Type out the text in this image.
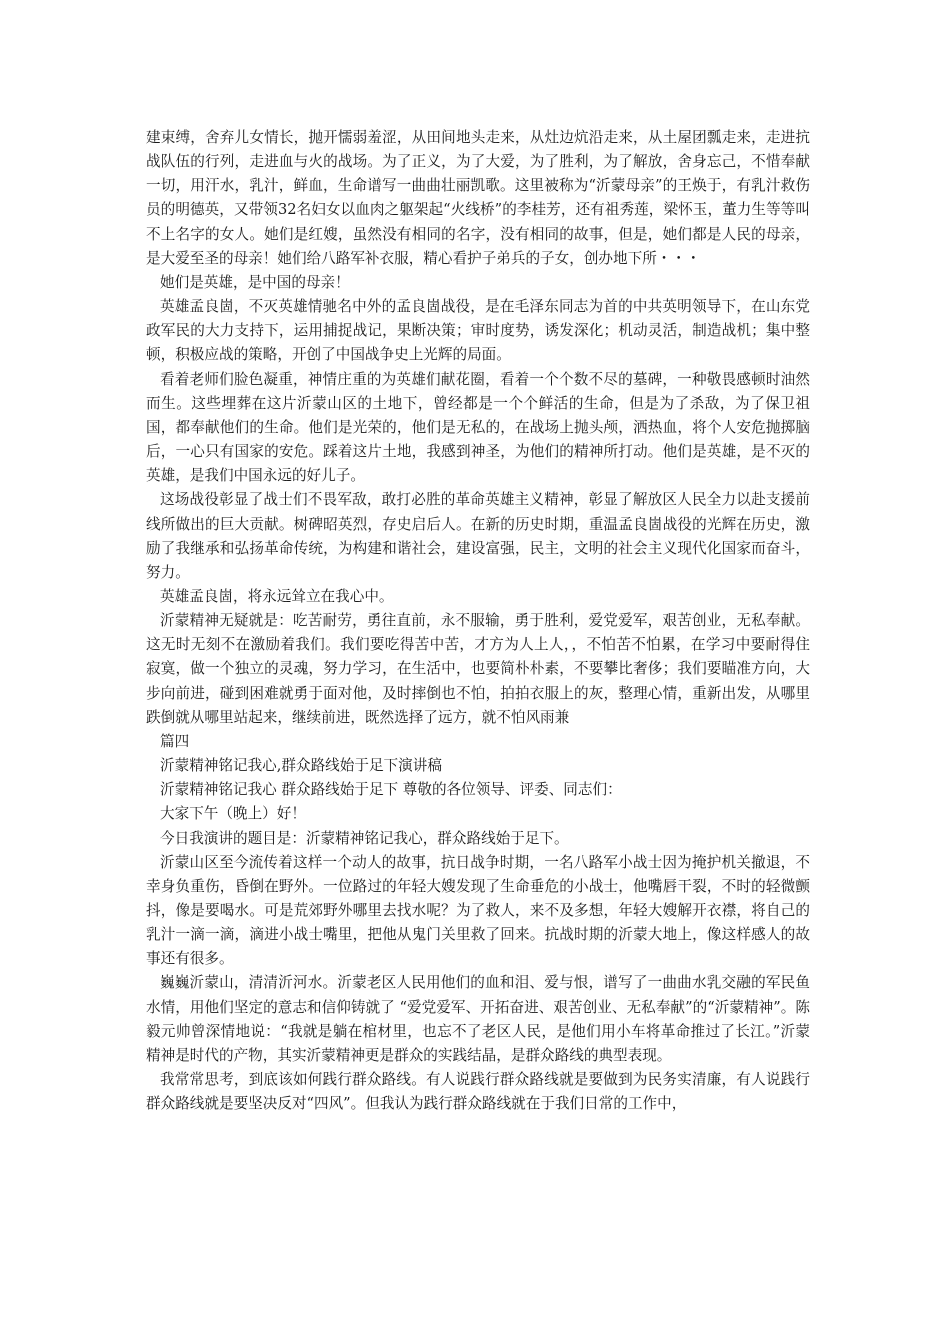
建束缚，舍弃儿女情长，抛开懦弱羞涩，从田间地头走来，从灶边炕沿走来，从土屋团瓢走来，走进抗战队伍的行列，走进血与火的战场。为了正义，为了大爱，为了胜利，为了解放，舍身忘己，不惜奉献一切，用汗水，乳汁，鲜血，生命谱写一曲曲壮丽凯歌。这里被称为“沂蒙母亲”的王焕于，有乳汁救伤员的明德英，又带领32名妇女以血肉之躯架起“火线桥”的李桂芳，还有祖秀莲，梁怀玉，董力生等等叫不上名字的女人。她们是红嫂，虽然没有相同的名字，没有相同的故事，但是，她们都是人民的母亲，是大爱至圣的母亲！她们给八路军补衣服，精心看护子弟兵的子女，创办地下所・・・

她们是英雄，是中国的母亲！

英雄孟良崮，不灭英雄情驰名中外的孟良崮战役，是在毛泽东同志为首的中共英明领导下，在山东党政军民的大力支持下，运用捕捉战记，果断决策；审时度势，诱发深化；机动灵活，制造战机；集中整顿，积极应战的策略，开创了中国战争史上光辉的局面。

看着老师们脸色凝重，神情庄重的为英雄们献花圈，看着一个个数不尽的墓碑，一种敬畏感顿时油然而生。这些埋葬在这片沂蒙山区的土地下，曾经都是一个个鲜活的生命，但是为了杀敌，为了保卫祖国，都奉献他们的生命。他们是光荣的，他们是无私的，在战场上抛头颅，洒热血，将个人安危抛掷脑后，一心只有国家的安危。踩着这片土地，我感到神圣，为他们的精神所打动。他们是英雄，是不灭的英雄，是我们中国永远的好儿子。

这场战役彰显了战士们不畏军敌，敢打必胜的革命英雄主义精神，彰显了解放区人民全力以赴支援前线所做出的巨大贡献。树碑昭英烈，存史启后人。在新的历史时期，重温孟良崮战役的光辉在历史，激励了我继承和弘扬革命传统，为构建和谐社会，建设富强，民主，文明的社会主义现代化国家而奋斗，努力。

英雄孟良崮，将永远耸立在我心中。

沂蒙精神无疑就是：吃苦耐劳，勇往直前，永不服输，勇于胜利，爱党爱军，艰苦创业，无私奉献。这无时无刻不在激励着我们。我们要吃得苦中苦，才方为人上人，，不怕苦不怕累，在学习中要耐得住寂寞，做一个独立的灵魂，努力学习，在生活中，也要简朴朴素，不要攀比奢侈；我们要瞄准方向，大步向前进，碰到困难就勇于面对他，及时摔倒也不怕，拍拍衣服上的灰，整理心情，重新出发，从哪里跌倒就从哪里站起来，继续前进，既然选择了远方，就不怕风雨兼

篇四

沂蒙精神铭记我心,群众路线始于足下演讲稿

沂蒙精神铭记我心 群众路线始于足下 尊敬的各位领导、评委、同志们：

大家下午（晚上）好！

今日我演讲的题目是：沂蒙精神铭记我心，群众路线始于足下。

沂蒙山区至今流传着这样一个动人的故事，抗日战争时期，一名八路军小战士因为掩护机关撤退，不幸身负重伤，昏倒在野外。一位路过的年轻大嫂发现了生命垂危的小战士，他嘴唇干裂，不时的轻微颤抖，像是要喝水。可是荒郊野外哪里去找水呢？为了救人，来不及多想，年轻大嫂解开衣襟，将自己的乳汁一滴一滴，滴进小战士嘴里，把他从鬼门关里救了回来。抗战时期的沂蒙大地上，像这样感人的故事还有很多。

巍巍沂蒙山，清清沂河水。沂蒙老区人民用他们的血和泪、爱与恨，谱写了一曲曲水乳交融的军民鱼水情，用他们坚定的意志和信仰铸就了 “爱党爱军、开拓奋进、艰苦创业、无私奉献”的“沂蒙精神”。陈毅元帅曾深情地说：“我就是躺在棺材里，也忘不了老区人民，是他们用小车将革命推过了长江。”沂蒙精神是时代的产物，其实沂蒙精神更是群众的实践结晶，是群众路线的典型表现。

我常常思考，到底该如何践行群众路线。有人说践行群众路线就是要做到为民务实清廉，有人说践行群众路线就是要坚决反对“四风”。但我认为践行群众路线就在于我们日常的工作中，
